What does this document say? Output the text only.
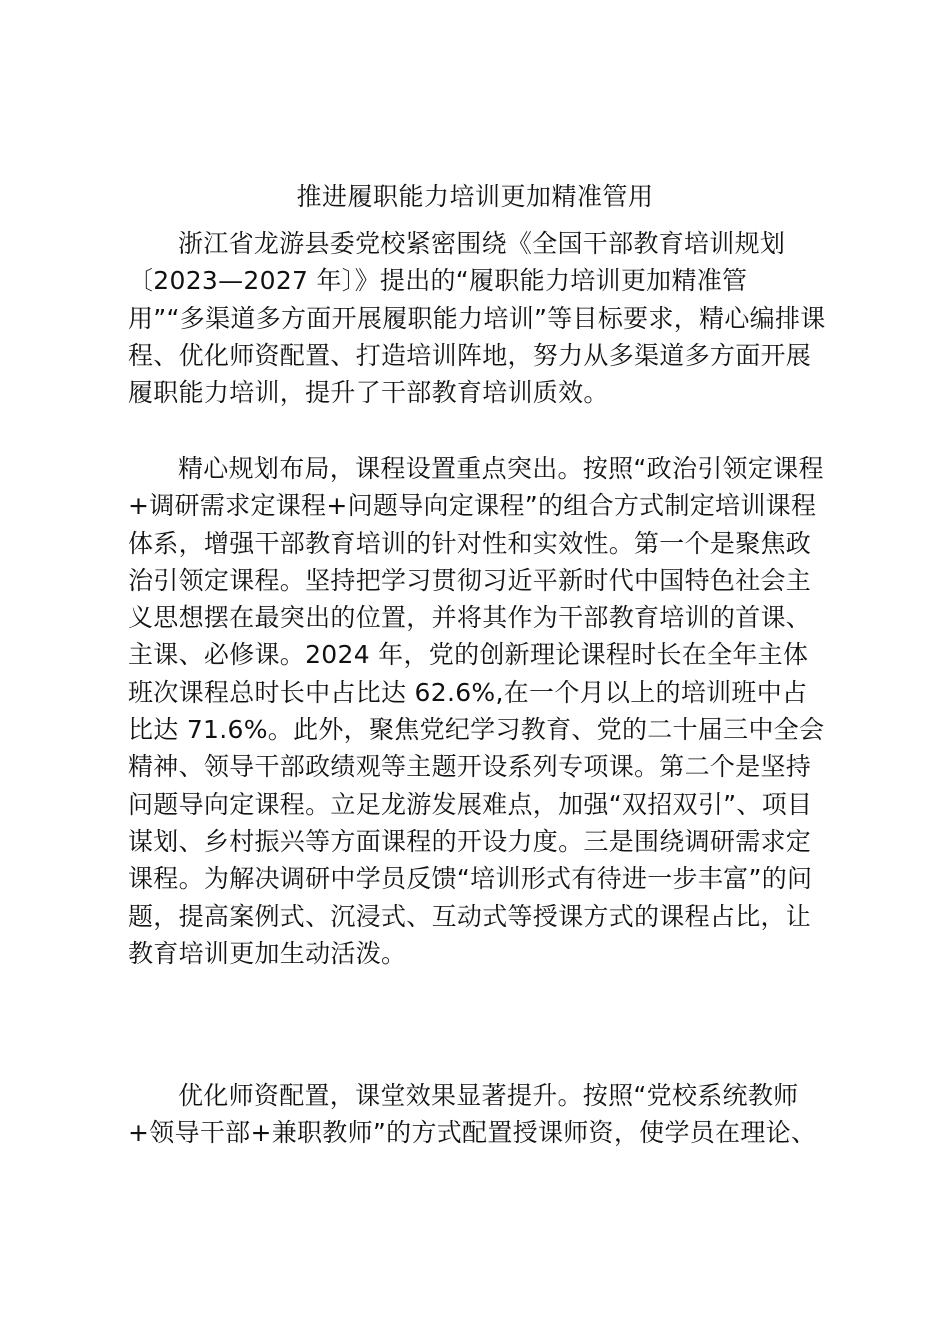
推进履职能力培训更加精准管用
浙江省龙游县委党校紧密围绕《全国干部教育培训规划
〔2023—2027 年〕》提出的“履职能力培训更加精准管
用”“多渠道多方面开展履职能力培训”等目标要求，精心编排课
程、优化师资配置、打造培训阵地，努力从多渠道多方面开展
履职能力培训，提升了干部教育培训质效。
精心规划布局，课程设置重点突出。按照“政治引领定课程
+调研需求定课程+问题导向定课程”的组合方式制定培训课程
体系，增强干部教育培训的针对性和实效性。第一个是聚焦政
治引领定课程。坚持把学习贯彻习近平新时代中国特色社会主
义思想摆在最突出的位置，并将其作为干部教育培训的首课、
主课、必修课。2024 年，党的创新理论课程时长在全年主体
班次课程总时长中占比达 62.6%,在一个月以上的培训班中占
比达 71.6%。此外，聚焦党纪学习教育、党的二十届三中全会
精神、领导干部政绩观等主题开设系列专项课。第二个是坚持
问题导向定课程。立足龙游发展难点，加强“双招双引”、项目
谋划、乡村振兴等方面课程的开设力度。三是围绕调研需求定
课程。为解决调研中学员反馈“培训形式有待进一步丰富”的问
题，提高案例式、沉浸式、互动式等授课方式的课程占比，让
教育培训更加生动活泼。
优化师资配置，课堂效果显著提升。按照“党校系统教师
+领导干部+兼职教师”的方式配置授课师资，使学员在理论、
